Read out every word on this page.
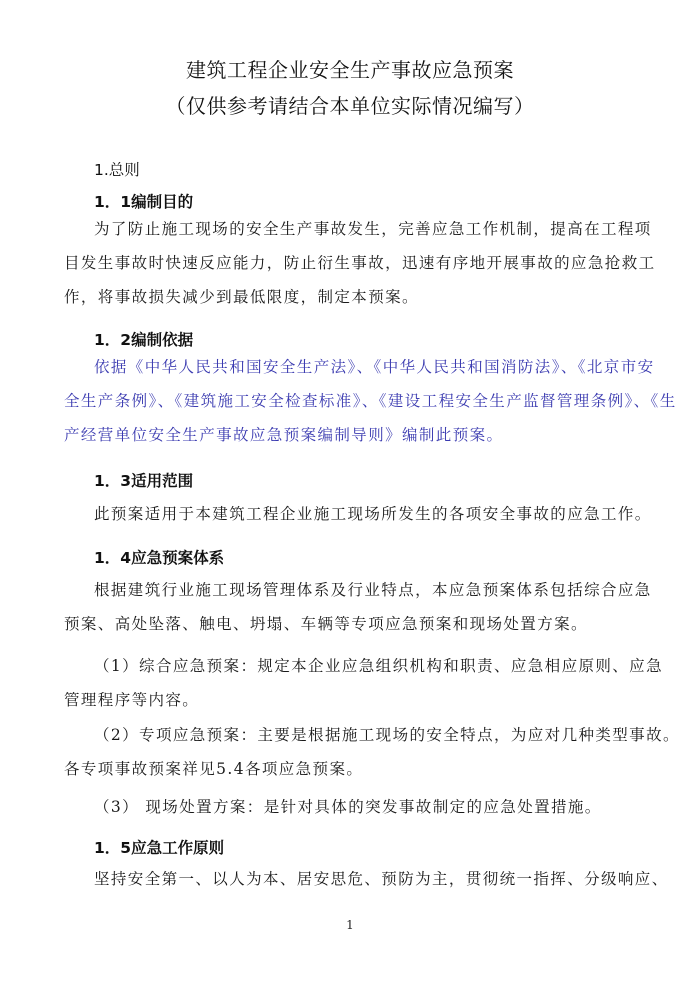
建筑工程企业安全生产事故应急预案
（仅供参考请结合本单位实际情况编写）
1.总则
1．1编制目的
为了防止施工现场的安全生产事故发生，完善应急工作机制，提高在工程项
目发生事故时快速反应能力，防止衍生事故，迅速有序地开展事故的应急抢救工
作，将事故损失减少到最低限度，制定本预案。
1．2编制依据
依据《中华人民共和国安全生产法》、《中华人民共和国消防法》、《北京市安
全生产条例》、《建筑施工安全检查标准》、《建设工程安全生产监督管理条例》、《生
产经营单位安全生产事故应急预案编制导则》编制此预案。
1．3适用范围
此预案适用于本建筑工程企业施工现场所发生的各项安全事故的应急工作。
1．4应急预案体系
根据建筑行业施工现场管理体系及行业特点，本应急预案体系包括综合应急
预案、高处坠落、触电、坍塌、车辆等专项应急预案和现场处置方案。
（1）综合应急预案：规定本企业应急组织机构和职责、应急相应原则、应急
管理程序等内容。
（2）专项应急预案：主要是根据施工现场的安全特点，为应对几种类型事故。
各专项事故预案祥见5.4各项应急预案。
（3） 现场处置方案：是针对具体的突发事故制定的应急处置措施。
1．5应急工作原则
坚持安全第一、以人为本、居安思危、预防为主，贯彻统一指挥、分级响应、
1
